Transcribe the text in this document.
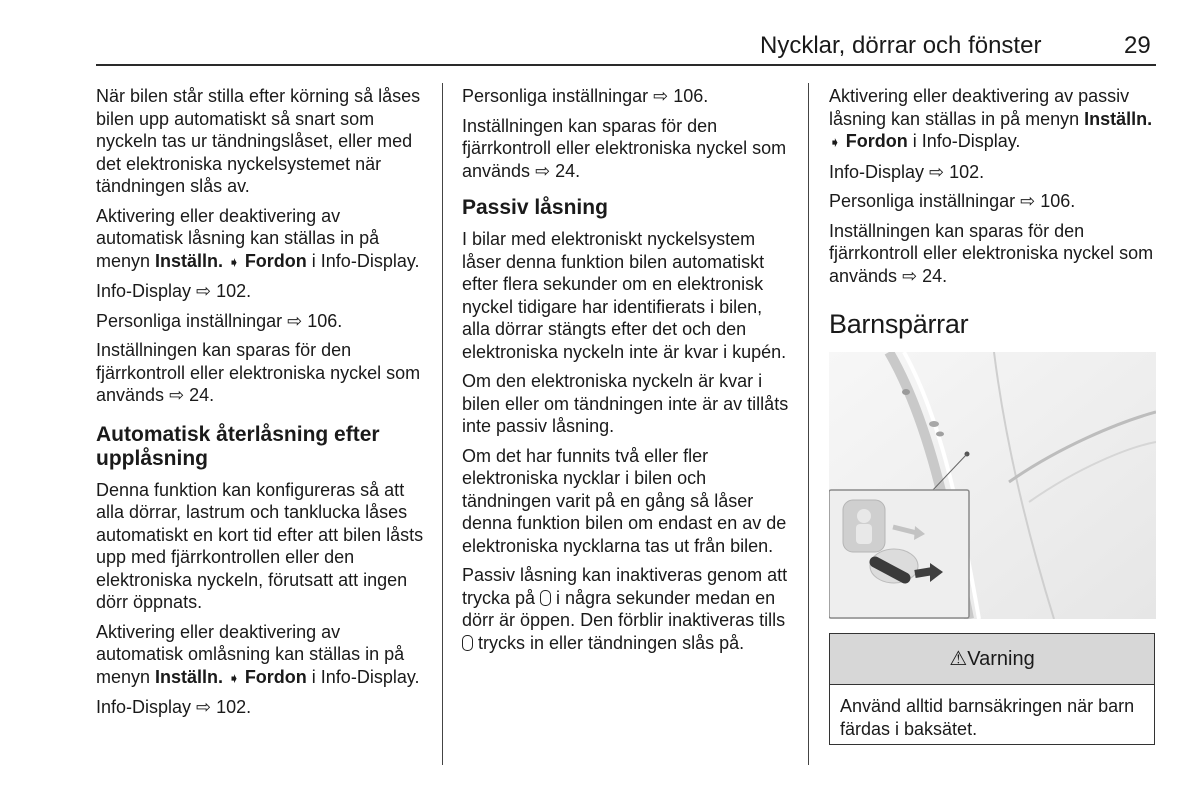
Nycklar, dörrar och fönster	29

När bilen står stilla efter körning så låses bilen upp automatiskt så snart som nyckeln tas ur tändningslåset, eller med det elektroniska nyckelsystemet när tändningen slås av.

Aktivering eller deaktivering av automatisk låsning kan ställas in på menyn Inställn. ➧ Fordon i Info-Display.

Info-Display ⇨ 102.

Personliga inställningar ⇨ 106.

Inställningen kan sparas för den fjärrkontroll eller elektroniska nyckel som används ⇨ 24.

Automatisk återlåsning efter upplåsning

Denna funktion kan konfigureras så att alla dörrar, lastrum och tanklucka låses automatiskt en kort tid efter att bilen låsts upp med fjärrkontrollen eller den elektroniska nyckeln, förutsatt att ingen dörr öppnats.

Aktivering eller deaktivering av automatisk omlåsning kan ställas in på menyn Inställn. ➧ Fordon i Info-Display.

Info-Display ⇨ 102.

Personliga inställningar ⇨ 106.

Inställningen kan sparas för den fjärrkontroll eller elektroniska nyckel som används ⇨ 24.

Passiv låsning

I bilar med elektroniskt nyckelsystem låser denna funktion bilen automatiskt efter flera sekunder om en elektronisk nyckel tidigare har identifierats i bilen, alla dörrar stängts efter det och den elektroniska nyckeln inte är kvar i kupén.

Om den elektroniska nyckeln är kvar i bilen eller om tändningen inte är av tillåts inte passiv låsning.

Om det har funnits två eller fler elektroniska nycklar i bilen och tändningen varit på en gång så låser denna funktion bilen om endast en av de elektroniska nycklarna tas ut från bilen.

Passiv låsning kan inaktiveras genom att trycka på  i några sekunder medan en dörr är öppen. Den förblir inaktiveras tills  trycks in eller tändningen slås på.

Aktivering eller deaktivering av passiv låsning kan ställas in på menyn Inställn. ➧ Fordon i Info-Display.

Info-Display ⇨ 102.

Personliga inställningar ⇨ 106.

Inställningen kan sparas för den fjärrkontroll eller elektroniska nyckel som används ⇨ 24.

Barnspärrar
⚠Varning
Använd alltid barnsäkringen när barn färdas i baksätet.
